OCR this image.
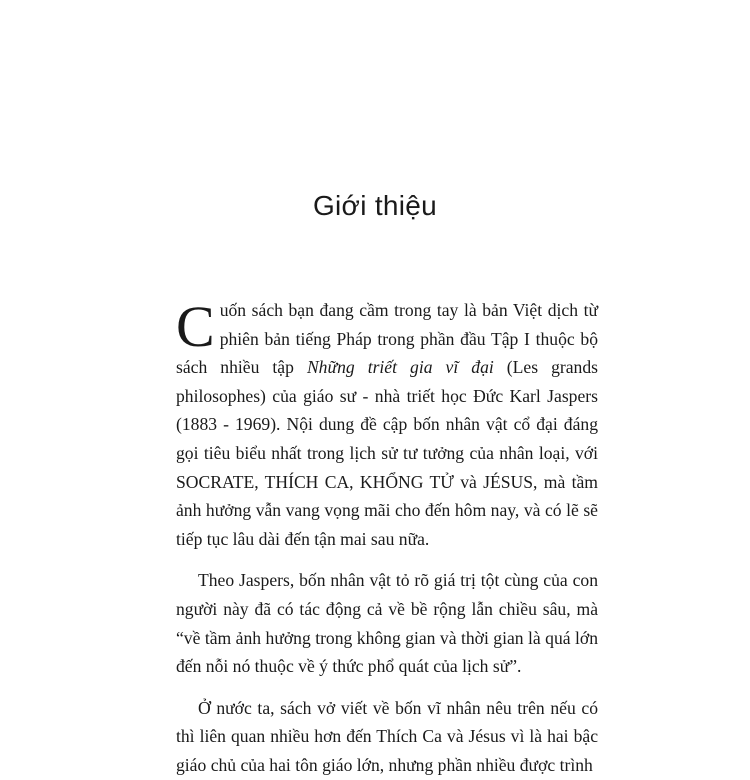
Giới thiệu

Cuốn sách bạn đang cầm trong tay là bản Việt dịch từ phiên bản tiếng Pháp trong phần đầu Tập I thuộc bộ sách nhiều tập Những triết gia vĩ đại (Les grands philosophes) của giáo sư - nhà triết học Đức Karl Jaspers (1883 - 1969). Nội dung đề cập bốn nhân vật cổ đại đáng gọi tiêu biểu nhất trong lịch sử tư tưởng của nhân loại, với SOCRATE, THÍCH CA, KHỔNG TỬ và JÉSUS, mà tầm ảnh hưởng vẫn vang vọng mãi cho đến hôm nay, và có lẽ sẽ tiếp tục lâu dài đến tận mai sau nữa.

Theo Jaspers, bốn nhân vật tỏ rõ giá trị tột cùng của con người này đã có tác động cả về bề rộng lẫn chiều sâu, mà “về tầm ảnh hưởng trong không gian và thời gian là quá lớn đến nỗi nó thuộc về ý thức phổ quát của lịch sử”.

Ở nước ta, sách vở viết về bốn vĩ nhân nêu trên nếu có thì liên quan nhiều hơn đến Thích Ca và Jésus vì là hai bậc giáo chủ của hai tôn giáo lớn, nhưng phần nhiều được trình
